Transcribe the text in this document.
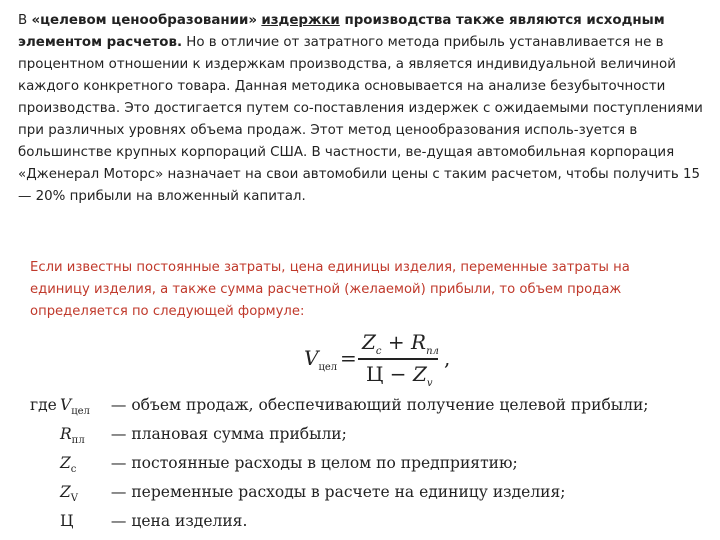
В «целевом ценообразовании» издержки производства также являются исходным элементом расчетов. Но в отличие от затратного метода прибыль устанавливается не в процентном отношении к издержкам производства, а является индивидуальной величиной каждого конкретного товара. Данная методика основывается на анализе безубыточности производства. Это достигается путем со-поставления издержек с ожидаемыми поступлениями при различных уровнях объема продаж. Этот метод ценообразования исполь-зуется в большинстве крупных корпораций США. В частности, ве-дущая автомобильная корпорация «Дженерал Моторс» назначает на свои автомобили цены с таким расчетом, чтобы получить 15 — 20% прибыли на вложенный капитал.

Если известны постоянные затраты, цена единицы изделия, переменные затраты на единицу изделия, а также сумма расчетной (желаемой) прибыли, то объем продаж определяется по следующей формуле:

$V_{цел}$ =
$Z_c + R_{пл}$
$Ц - Z_v$
,
где $V_{цел}$ — объем продаж, обеспечивающий получение целевой прибыли;
$R_{пл}$ — плановая сумма прибыли;
$Z_c$ — постоянные расходы в целом по предприятию;
$Z_V$ — переменные расходы в расчете на единицу изделия;
Ц — цена изделия.
